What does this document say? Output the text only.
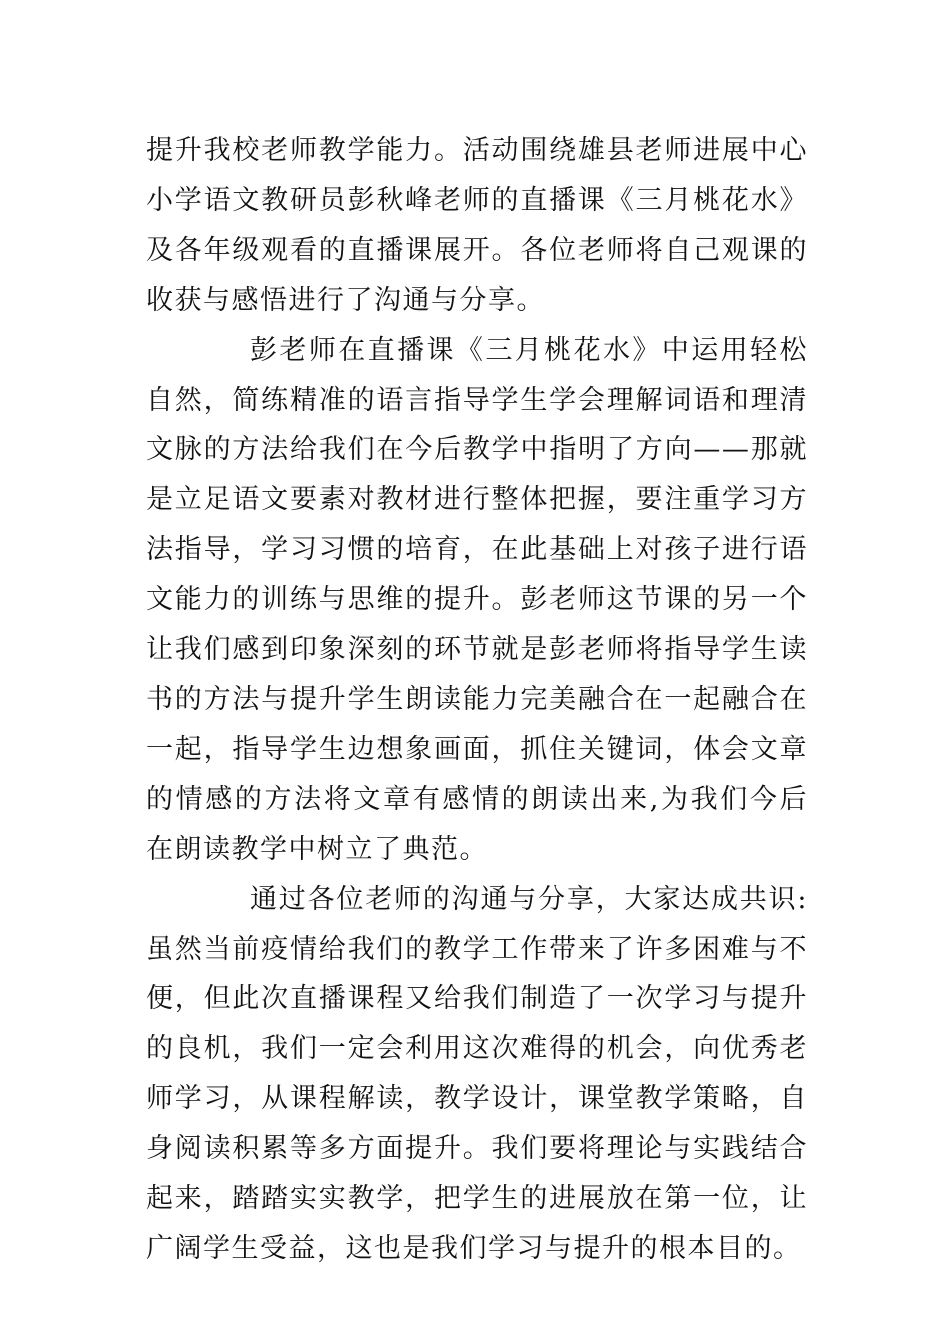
提升我校老师教学能力。活动围绕雄县老师进展中心小学语文教研员彭秋峰老师的直播课《三月桃花水》及各年级观看的直播课展开。各位老师将自己观课的收获与感悟进行了沟通与分享。

彭老师在直播课《三月桃花水》中运用轻松自然，简练精准的语言指导学生学会理解词语和理清文脉的方法给我们在今后教学中指明了方向——那就是立足语文要素对教材进行整体把握，要注重学习方法指导，学习习惯的培育，在此基础上对孩子进行语文能力的训练与思维的提升。彭老师这节课的另一个让我们感到印象深刻的环节就是彭老师将指导学生读书的方法与提升学生朗读能力完美融合在一起融合在一起，指导学生边想象画面，抓住关键词，体会文章的情感的方法将文章有感情的朗读出来,为我们今后在朗读教学中树立了典范。

通过各位老师的沟通与分享，大家达成共识:虽然当前疫情给我们的教学工作带来了许多困难与不便，但此次直播课程又给我们制造了一次学习与提升的良机，我们一定会利用这次难得的机会，向优秀老师学习，从课程解读，教学设计，课堂教学策略，自身阅读积累等多方面提升。我们要将理论与实践结合起来，踏踏实实教学，把学生的进展放在第一位，让广阔学生受益，这也是我们学习与提升的根本目的。
